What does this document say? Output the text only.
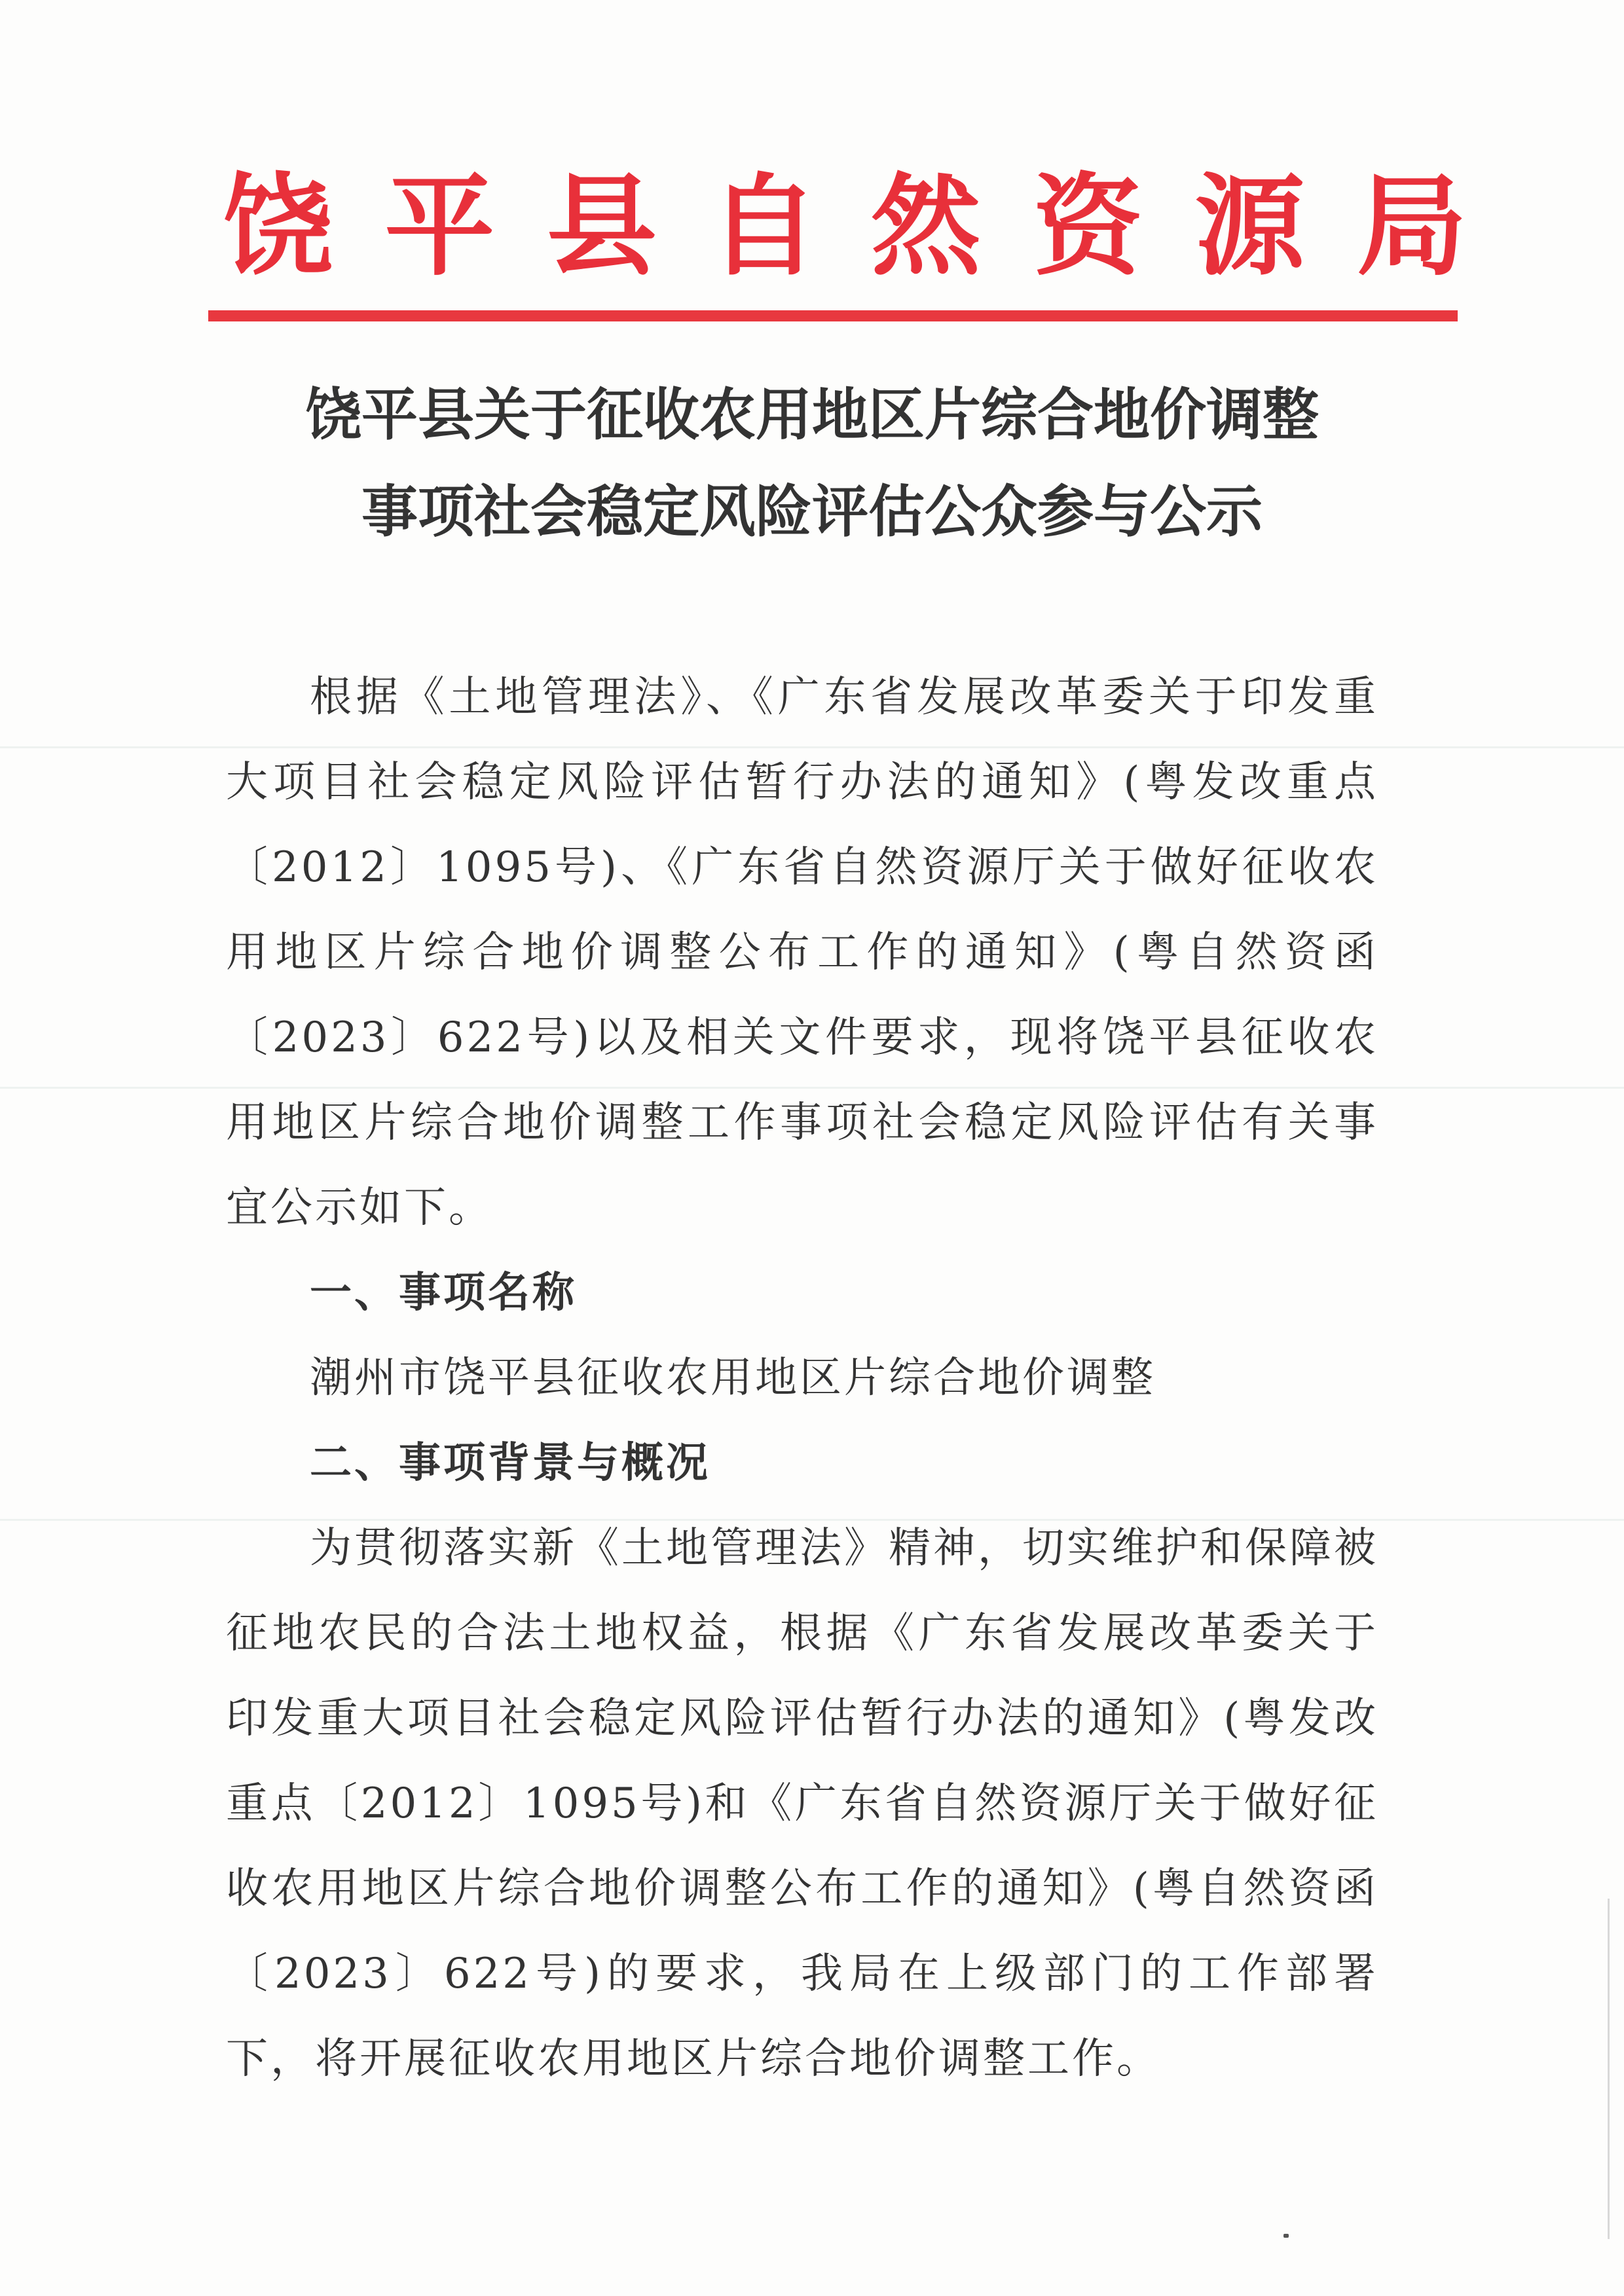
饶 平 县 自 然 资 源 局
饶平县关于征收农用地区片综合地价调整
事项社会稳定风险评估公众参与公示

根据《土地管理法》、《广东省发展改革委关于印发重大项目社会稳定风险评估暂行办法的通知》(粤发改重点〔2012〕1095号)、《广东省自然资源厅关于做好征收农用地区片综合地价调整公布工作的通知》(粤自然资函〔2023〕622号)以及相关文件要求，现将饶平县征收农用地区片综合地价调整工作事项社会稳定风险评估有关事宜公示如下。

一、事项名称

潮州市饶平县征收农用地区片综合地价调整

二、事项背景与概况

为贯彻落实新《土地管理法》精神，切实维护和保障被征地农民的合法土地权益，根据《广东省发展改革委关于印发重大项目社会稳定风险评估暂行办法的通知》(粤发改重点〔2012〕1095号)和《广东省自然资源厅关于做好征收农用地区片综合地价调整公布工作的通知》(粤自然资函〔2023〕622号)的要求，我局在上级部门的工作部署下，将开展征收农用地区片综合地价调整工作。
